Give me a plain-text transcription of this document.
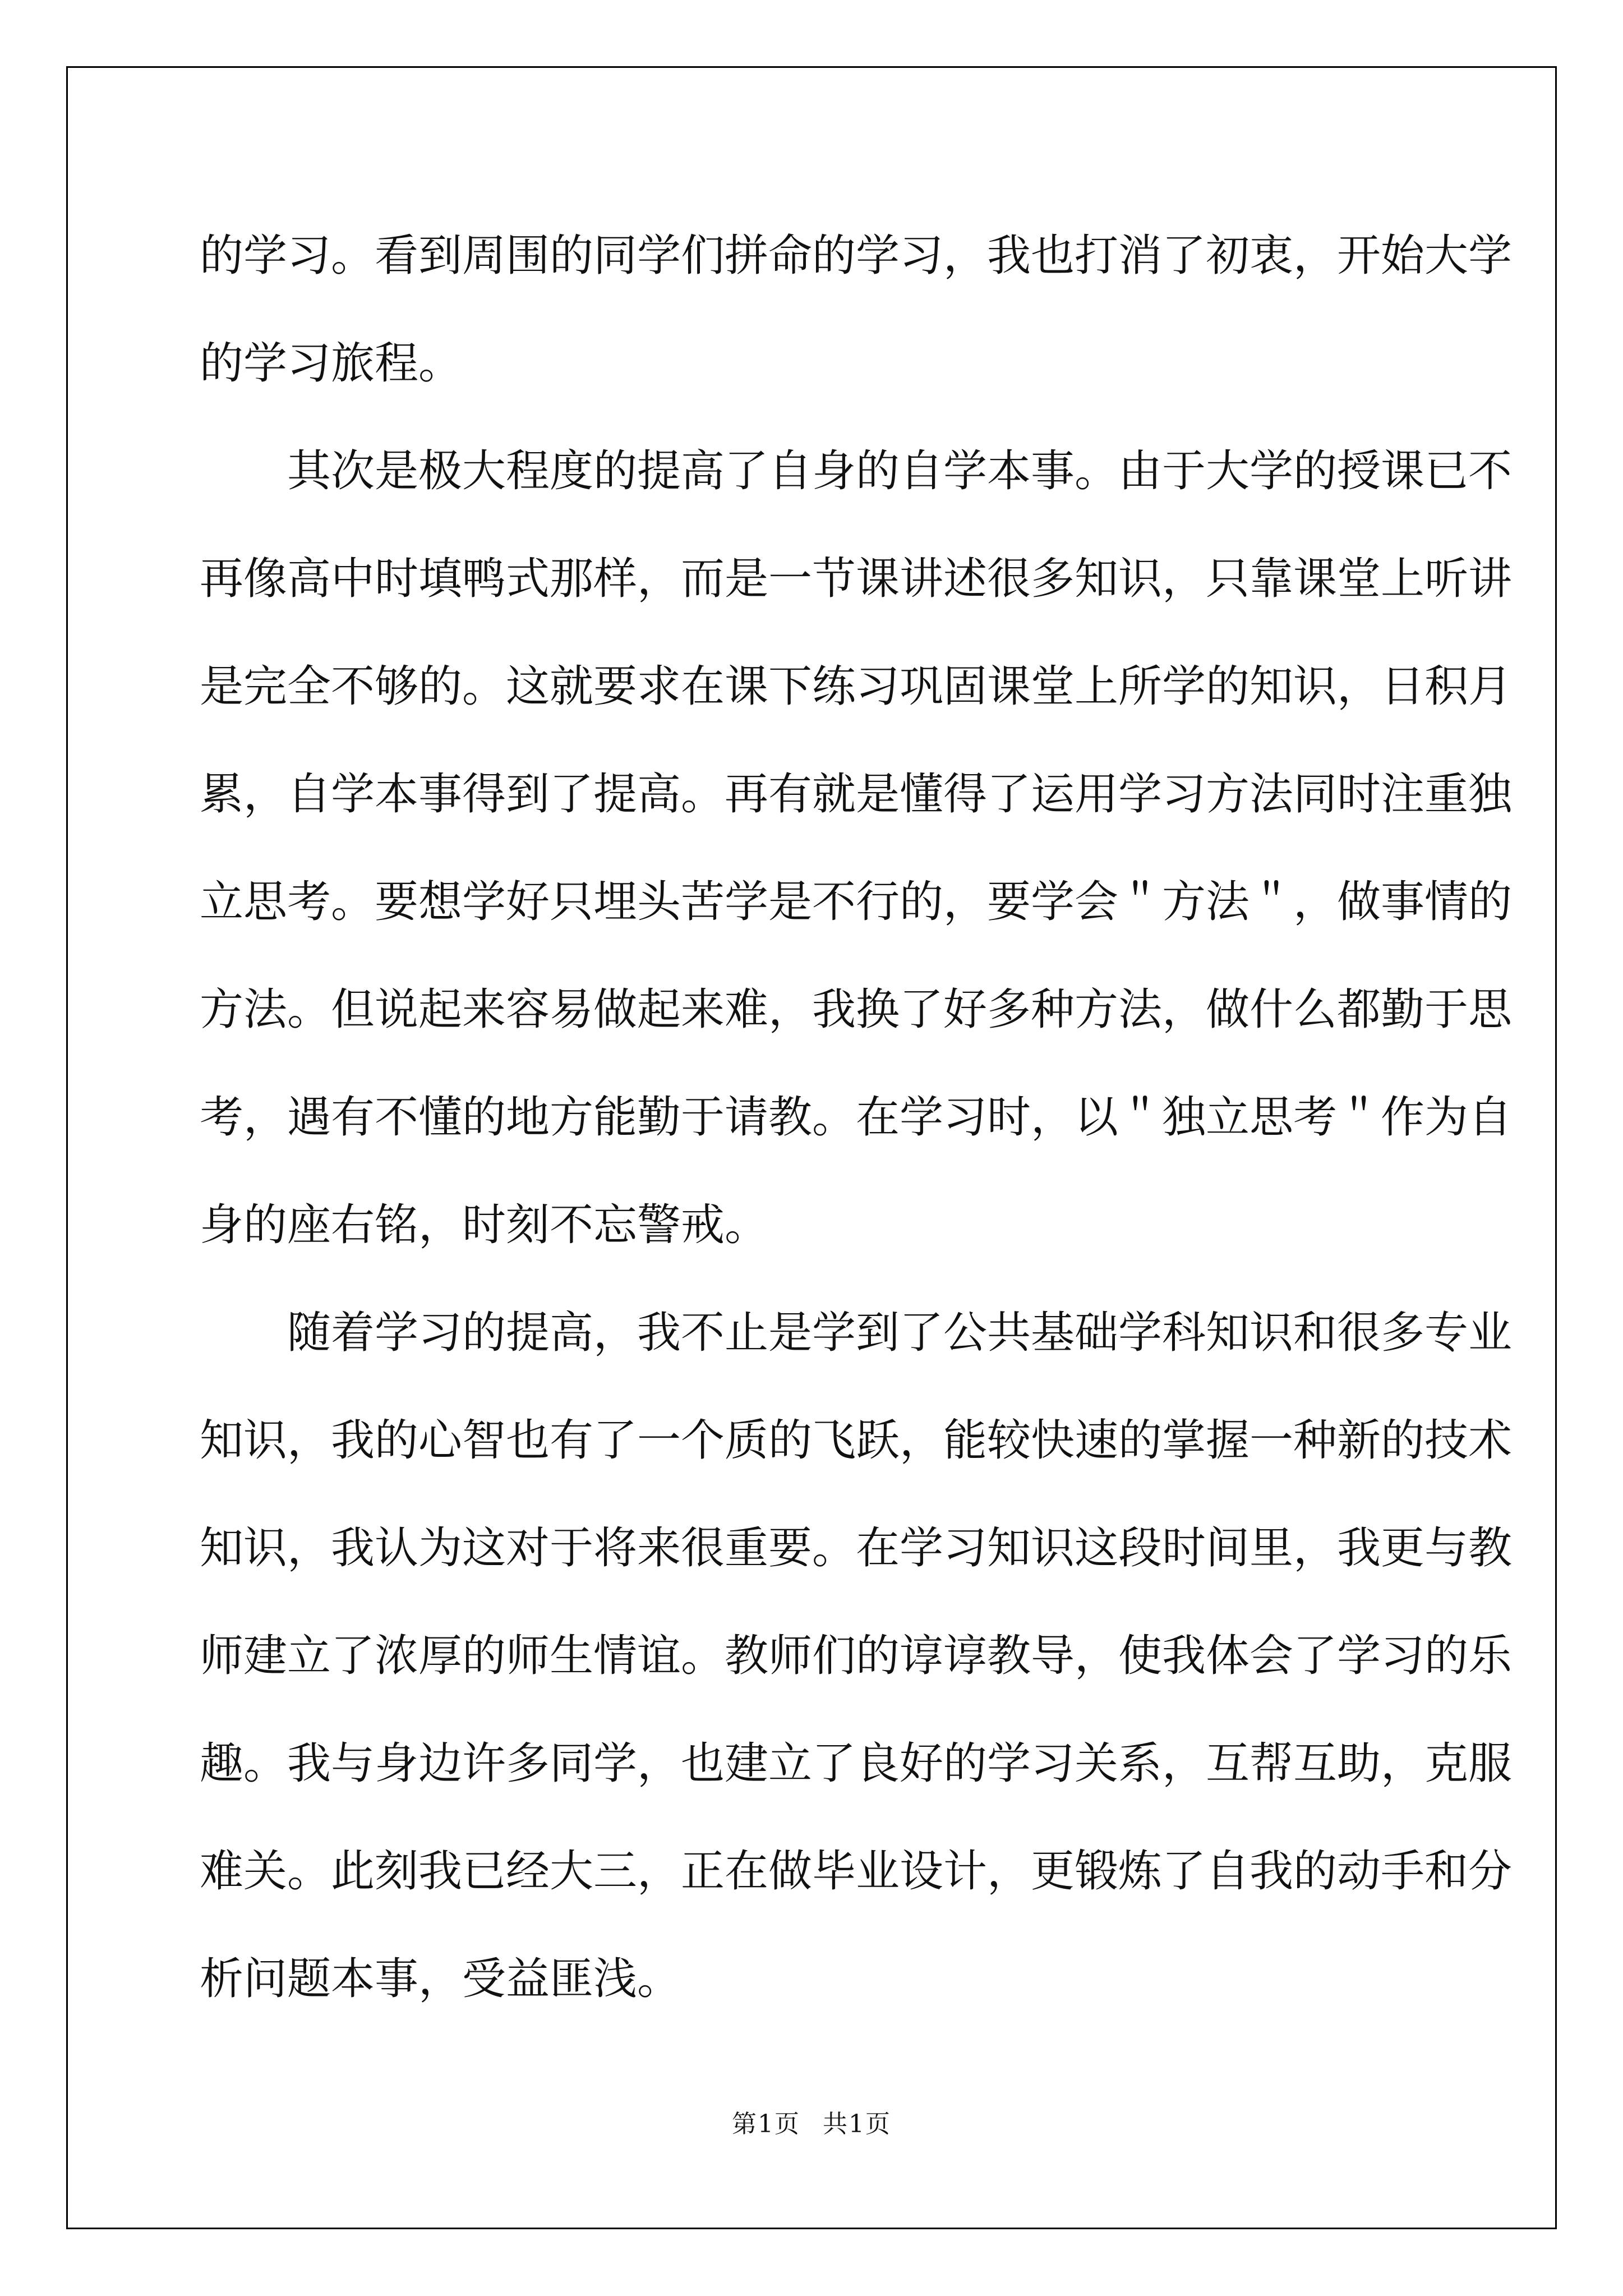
的学习。看到周围的同学们拼命的学习，我也打消了初衷，开始大学
的学习旅程。

其次是极大程度的提高了自身的自学本事。由于大学的授课已不
再像高中时填鸭式那样，而是一节课讲述很多知识，只靠课堂上听讲
是完全不够的。这就要求在课下练习巩固课堂上所学的知识，日积月
累，自学本事得到了提高。再有就是懂得了运用学习方法同时注重独
立思考。要想学好只埋头苦学是不行的，要学会＂方法＂，做事情的
方法。但说起来容易做起来难，我换了好多种方法，做什么都勤于思
考，遇有不懂的地方能勤于请教。在学习时，以＂独立思考＂作为自
身的座右铭，时刻不忘警戒。

随着学习的提高，我不止是学到了公共基础学科知识和很多专业
知识，我的心智也有了一个质的飞跃，能较快速的掌握一种新的技术
知识，我认为这对于将来很重要。在学习知识这段时间里，我更与教
师建立了浓厚的师生情谊。教师们的谆谆教导，使我体会了学习的乐
趣。我与身边许多同学，也建立了良好的学习关系，互帮互助，克服
难关。此刻我已经大三，正在做毕业设计，更锻炼了自我的动手和分
析问题本事，受益匪浅。

第1页 共1页
